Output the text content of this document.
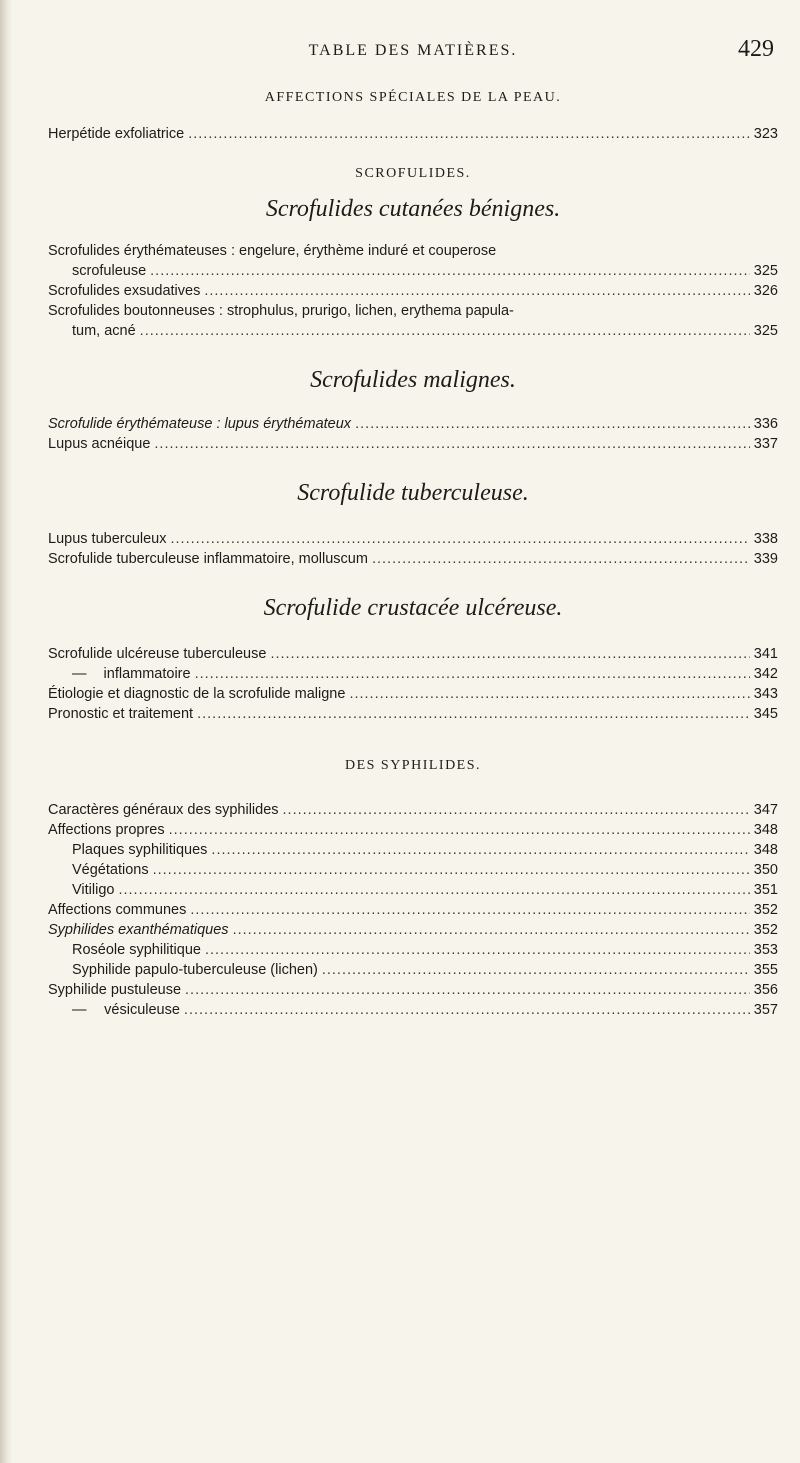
TABLE DES MATIÈRES.	429

AFFECTIONS SPÉCIALES DE LA PEAU.

Herpétide exfoliatrice .....	323

SCROFULIDES.

Scrofulides cutanées bénignes.

Scrofulides érythémateuses : engelure, érythème induré et couperose

scrofuleuse .....	325
Scrofulides exsudatives .....	326

Scrofulides boutonneuses : strophulus, prurigo, lichen, erythema papula-

tum, acné .....	325

Scrofulides malignes.

Scrofulide érythémateuse : lupus érythémateux .....	336
Lupus acnéique .....	337

Scrofulide tuberculeuse.

Lupus tuberculeux .....	338
Scrofulide tuberculeuse inflammatoire, molluscum .....	339

Scrofulide crustacée ulcéreuse.

Scrofulide ulcéreuse tuberculeuse .....	341
—	inflammatoire .....	342
Étiologie et diagnostic de la scrofulide maligne .....	343
Pronostic et traitement .....	345

DES SYPHILIDES.

Caractères généraux des syphilides .....	347
Affections propres .....	348
Plaques syphilitiques .....	348
Végétations .....	350
Vitiligo .....	351
Affections communes .....	352
Syphilides exanthématiques .....	352
Roséole syphilitique .....	353
Syphilide papulo-tuberculeuse (lichen) .....	355
Syphilide pustuleuse .....	356
—	vésiculeuse .....	357
